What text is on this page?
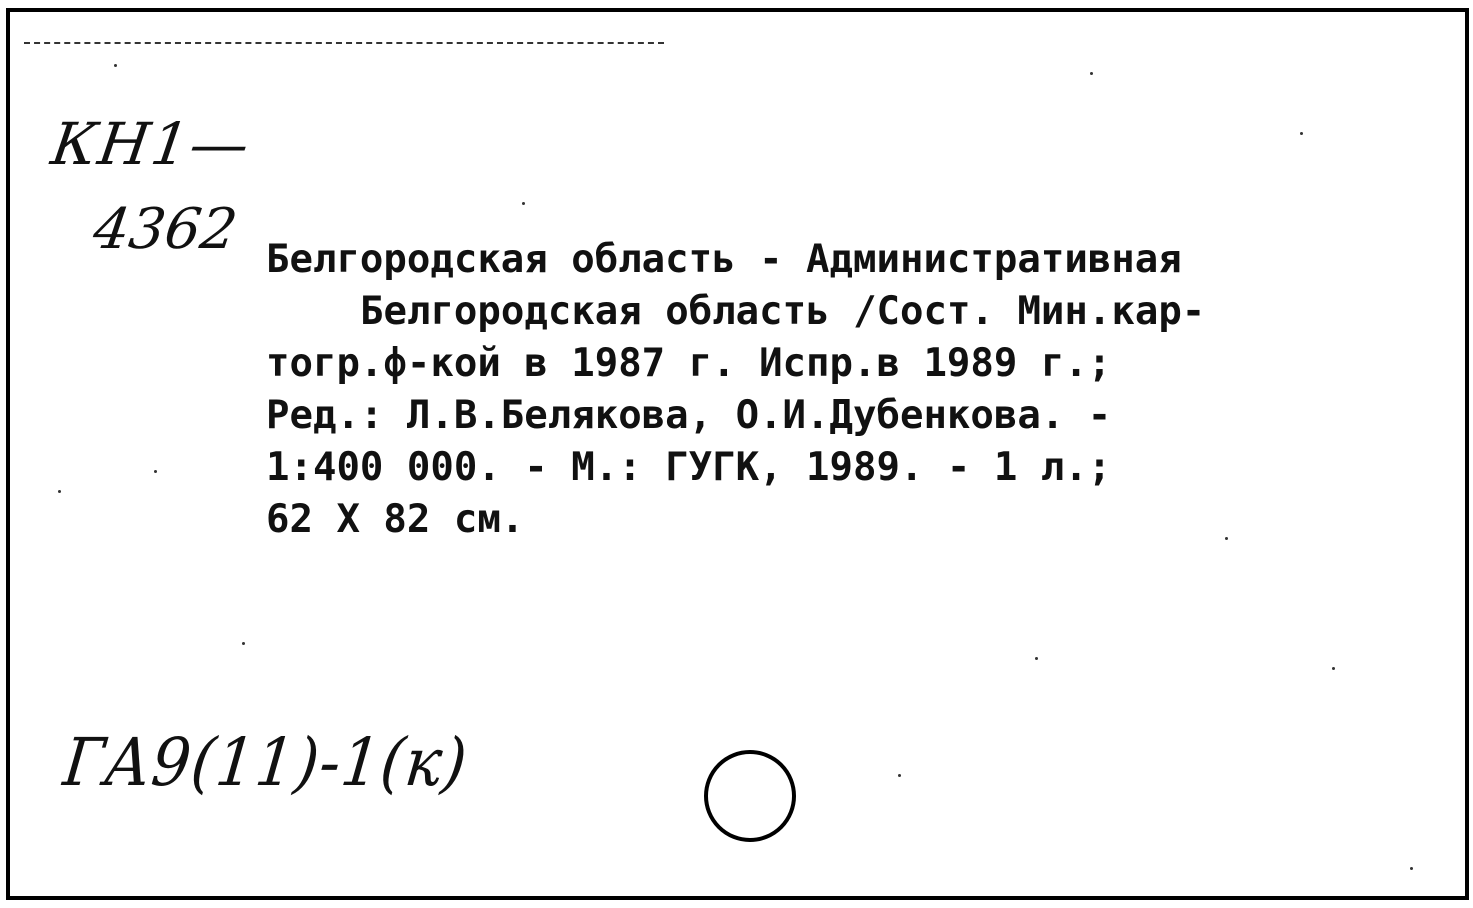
КН1—

4362 Белгородская область - Административная
Белгородская область /Сост. Мин.кар-
тогр.ф-кой в 1987 г. Испр.в 1989 г.;
Ред.: Л.В.Белякова, О.И.Дубенкова. -
1:400 000. - М.: ГУГК, 1989. - 1 л.;
62 Х 82 см.

ГА9(11)-1(к)
